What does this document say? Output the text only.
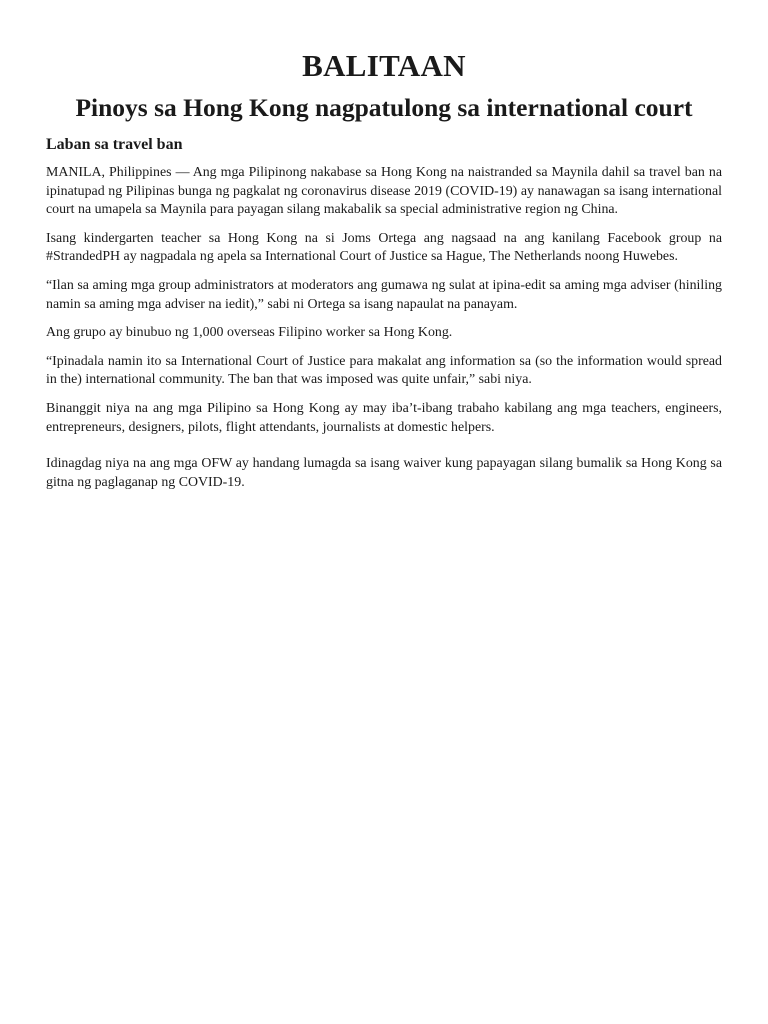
BALITAAN
Pinoys sa Hong Kong nagpatulong sa international court
Laban sa travel ban

MANILA, Philippines — Ang mga Pilipinong nakabase sa Hong Kong na naistranded sa Maynila dahil sa travel ban na ipinatupad ng Pilipinas bunga ng pagkalat ng coronavirus disease 2019 (COVID-19) ay nanawagan sa isang international court na umapela sa Maynila para payagan silang makabalik sa special administrative region ng China.

Isang kindergarten teacher sa Hong Kong na si Joms Ortega ang nagsaad na ang kanilang Facebook group na #StrandedPH ay nagpadala ng apela sa International Court of Justice sa Hague, The Netherlands noong Huwebes.

“Ilan sa aming mga group administrators at moderators ang gumawa ng sulat at ipina-edit sa aming mga adviser (hiniling namin sa aming mga adviser na iedit),” sabi ni Ortega sa isang napaulat na panayam.

Ang grupo ay binubuo ng 1,000 overseas Filipino worker sa Hong Kong.

“Ipinadala namin ito sa International Court of Justice para makalat ang information sa (so the information would spread in the) international community. The ban that was imposed was quite unfair,” sabi niya.

Binanggit niya na ang mga Pilipino sa Hong Kong ay may iba’t-ibang trabaho kabilang ang mga teachers, engineers, entrepreneurs, designers, pilots, flight attendants, journalists at domestic helpers.

Idinagdag niya na ang mga OFW ay handang lumagda sa isang waiver kung papayagan silang bumalik sa Hong Kong sa gitna ng paglaganap ng COVID-19.
